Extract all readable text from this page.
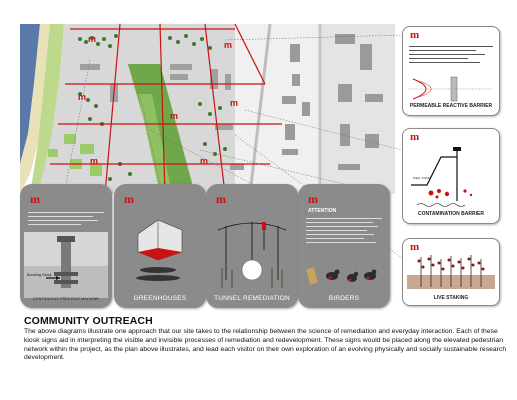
m
m
m
m
m
m	m
m
PERMEABLE REACTIVE BARRIER
m
WELL PUMP
CONTAMINATION BARRIER
m
LIVE STAKING
m
Bonding Grout
CONTINUOUS FREEZING MACHINE
m
GREENHOUSES
m
TUNNEL REMEDIATION
m
ATTENTION
BIRDERS
COMMUNITY OUTREACH
The above diagrams illustrate one approach that our site takes to the relationship between the science of remediation and everyday interaction. Each of these kiosk signs aid in interpreting the visible and invisible processes of remediation and redevelopment. These signs would be placed along the elevated pedestrian network within the project, as the plan above illustrates, and lead each visitor on their own exploration of an evolving physically and socially sustainable research development.
